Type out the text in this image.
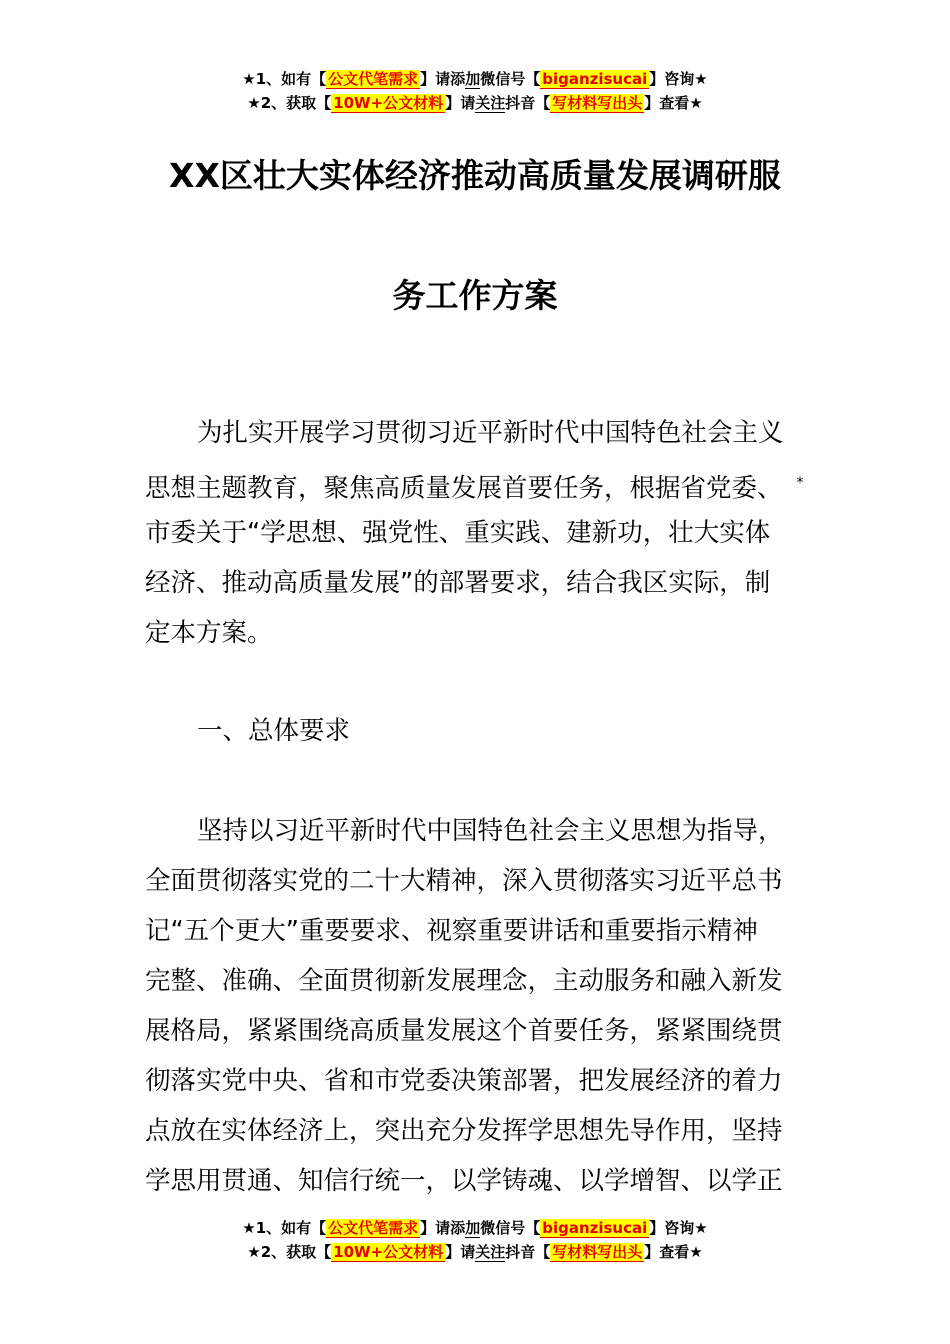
★1、如有【 公文代笔需求 】请添加微信号【 biganzisucai 】咨询★
★2、获取【 10W+公文材料 】请关注抖音【 写材料写出头 】查看★
XX区壮大实体经济推动高质量发展调研服
务工作方案
为扎实开展学习贯彻习近平新时代中国特色社会主义
思想主题教育，聚焦高质量发展首要任务，根据省党委、 *
市委关于“学思想、强党性、重实践、建新功，壮大实体
经济、推动高质量发展”的部署要求，结合我区实际，制
定本方案。
一、总体要求
坚持以习近平新时代中国特色社会主义思想为指导，
全面贯彻落实党的二十大精神，深入贯彻落实习近平总书
记“五个更大”重要要求、视察重要讲话和重要指示精神
完整、准确、全面贯彻新发展理念，主动服务和融入新发
展格局，紧紧围绕高质量发展这个首要任务，紧紧围绕贯
彻落实党中央、省和市党委决策部署，把发展经济的着力
点放在实体经济上，突出充分发挥学思想先导作用，坚持
学思用贯通、知信行统一，以学铸魂、以学增智、以学正
★1、如有【 公文代笔需求 】请添加微信号【 biganzisucai 】咨询★
★2、获取【 10W+公文材料 】请关注抖音【 写材料写出头 】查看★
